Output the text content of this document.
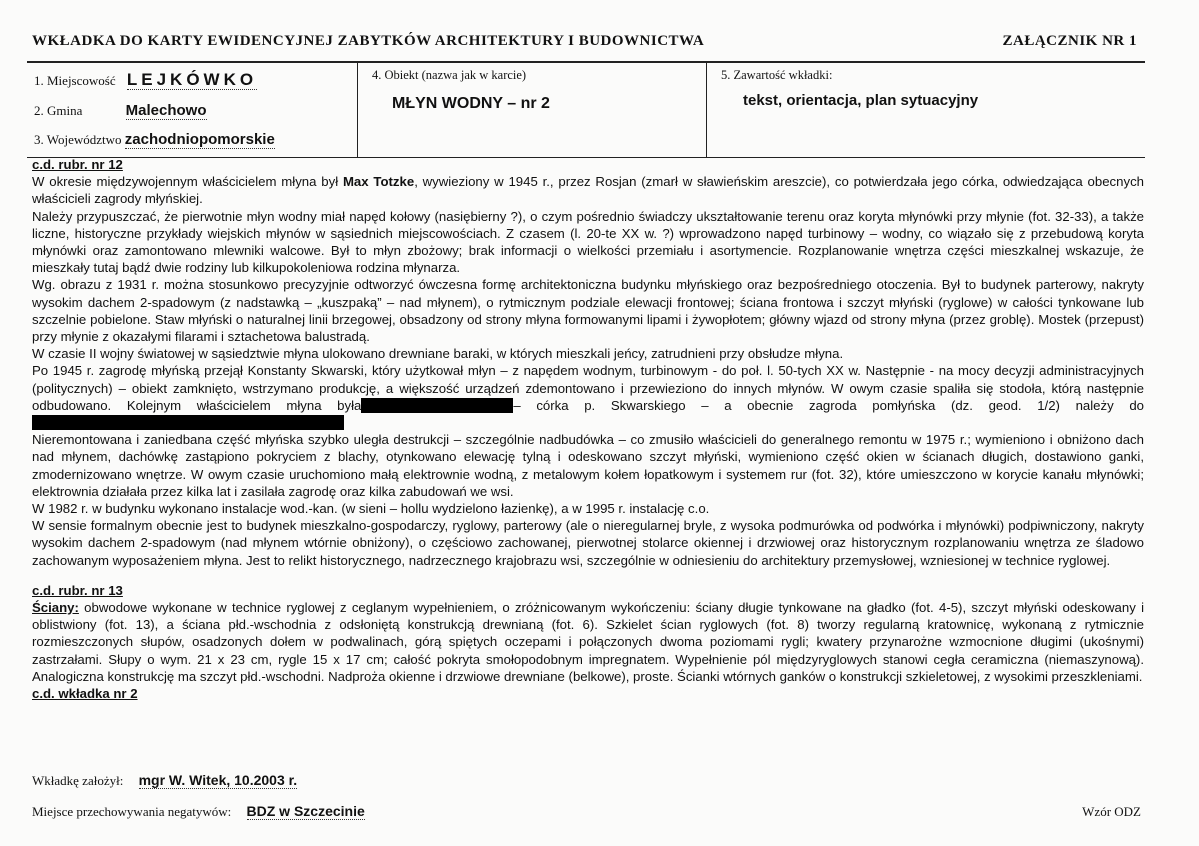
WKŁADKA DO KARTY EWIDENCYJNEJ ZABYTKÓW ARCHITEKTURY I BUDOWNICTWA	ZAŁĄCZNIK NR 1
1. Miejscowość LEJKÓWKO
2. Gmina	Malechowo
3. Województwo zachodniopomorskie
4. Obiekt (nazwa jak w karcie)
MŁYN WODNY – nr 2
5. Zawartość wkładki:
tekst, orientacja, plan sytuacyjny

c.d. rubr. nr 12

W okresie międzywojennym właścicielem młyna był Max Totzke, wywieziony w 1945 r., przez Rosjan (zmarł w sławieńskim areszcie), co potwierdzała jego córka, odwiedzająca obecnych właścicieli zagrody młyńskiej.

Należy przypuszczać, że pierwotnie młyn wodny miał napęd kołowy (nasiębierny ?), o czym pośrednio świadczy ukształtowanie terenu oraz koryta młynówki przy młynie (fot. 32-33), a także liczne, historyczne przykłady wiejskich młynów w sąsiednich miejscowościach. Z czasem (l. 20-te XX w. ?) wprowadzono napęd turbinowy – wodny, co wiązało się z przebudową koryta młynówki oraz zamontowano mlewniki walcowe. Był to młyn zbożowy; brak informacji o wielkości przemiału i asortymencie. Rozplanowanie wnętrza części mieszkalnej wskazuje, że mieszkały tutaj bądź dwie rodziny lub kilkupokoleniowa rodzina młynarza.

Wg. obrazu z 1931 r. można stosunkowo precyzyjnie odtworzyć ówczesna formę architektoniczna budynku młyńskiego oraz bezpośredniego otoczenia. Był to budynek parterowy, nakryty wysokim dachem 2-spadowym (z nadstawką – „kuszpaką” – nad młynem), o rytmicznym podziale elewacji frontowej; ściana frontowa i szczyt młyński (ryglowe) w całości tynkowane lub szczelnie pobielone. Staw młyński o naturalnej linii brzegowej, obsadzony od strony młyna formowanymi lipami i żywopłotem; główny wjazd od strony młyna (przez groblę). Mostek (przepust) przy młynie z okazałymi filarami i sztachetowa balustradą.

W czasie II wojny światowej w sąsiedztwie młyna ulokowano drewniane baraki, w których mieszkali jeńcy, zatrudnieni przy obsłudze młyna.

Po 1945 r. zagrodę młyńską przejął Konstanty Skwarski, który użytkował młyn – z napędem wodnym, turbinowym - do poł. l. 50-tych XX w. Następnie - na mocy decyzji administracyjnych (politycznych) – obiekt zamknięto, wstrzymano produkcję, a większość urządzeń zdemontowano i przewieziono do innych młynów. W owym czasie spaliła się stodoła, którą następnie odbudowano. Kolejnym właścicielem młyna była	– córka p. Skwarskiego – a obecnie zagroda pomłyńska (dz. geod. 1/2) należy do

Nieremontowana i zaniedbana część młyńska szybko uległa destrukcji – szczególnie nadbudówka – co zmusiło właścicieli do generalnego remontu w 1975 r.; wymieniono i obniżono dach nad młynem, dachówkę zastąpiono pokryciem z blachy, otynkowano elewację tylną i odeskowano szczyt młyński, wymieniono część okien w ścianach długich, dostawiono ganki, zmodernizowano wnętrze. W owym czasie uruchomiono małą elektrownie wodną, z metalowym kołem łopatkowym i systemem rur (fot. 32), które umieszczono w korycie kanału młynówki; elektrownia działała przez kilka lat i zasilała zagrodę oraz kilka zabudowań we wsi.

W 1982 r. w budynku wykonano instalacje wod.-kan. (w sieni – hollu wydzielono łazienkę), a w 1995 r. instalację c.o.

W sensie formalnym obecnie jest to budynek mieszkalno-gospodarczy, ryglowy, parterowy (ale o nieregularnej bryle, z wysoka podmurówka od podwórka i młynówki) podpiwniczony, nakryty wysokim dachem 2-spadowym (nad młynem wtórnie obniżony), o częściowo zachowanej, pierwotnej stolarce okiennej i drzwiowej oraz historycznym rozplanowaniu wnętrza ze śladowo zachowanym wyposażeniem młyna. Jest to relikt historycznego, nadrzecznego krajobrazu wsi, szczególnie w odniesieniu do architektury przemysłowej, wzniesionej w technice ryglowej.

c.d. rubr. nr 13

Ściany: obwodowe wykonane w technice ryglowej z ceglanym wypełnieniem, o zróżnicowanym wykończeniu: ściany długie tynkowane na gładko (fot. 4-5), szczyt młyński odeskowany i oblistwiony (fot. 13), a ściana płd.-wschodnia z odsłoniętą konstrukcją drewnianą (fot. 6). Szkielet ścian ryglowych (fot. 8) tworzy regularną kratownicę, wykonaną z rytmicznie rozmieszczonych słupów, osadzonych dołem w podwalinach, górą spiętych oczepami i połączonych dwoma poziomami rygli; kwatery przynarożne wzmocnione długimi (ukośnymi) zastrzałami. Słupy o wym. 21 x 23 cm, rygle 15 x 17 cm; całość pokryta smołopodobnym impregnatem. Wypełnienie pól międzyryglowych stanowi cegła ceramiczna (niemaszynową). Analogiczna konstrukcję ma szczyt płd.-wschodni. Nadproża okienne i drzwiowe drewniane (belkowe), proste. Ścianki wtórnych ganków o konstrukcji szkieletowej, z wysokimi przeszkleniami.

c.d. wkładka nr 2

Wkładkę założył: mgr W. Witek, 10.2003 r.
Miejsce przechowywania negatywów: BDZ w Szczecinie	Wzór ODZ
